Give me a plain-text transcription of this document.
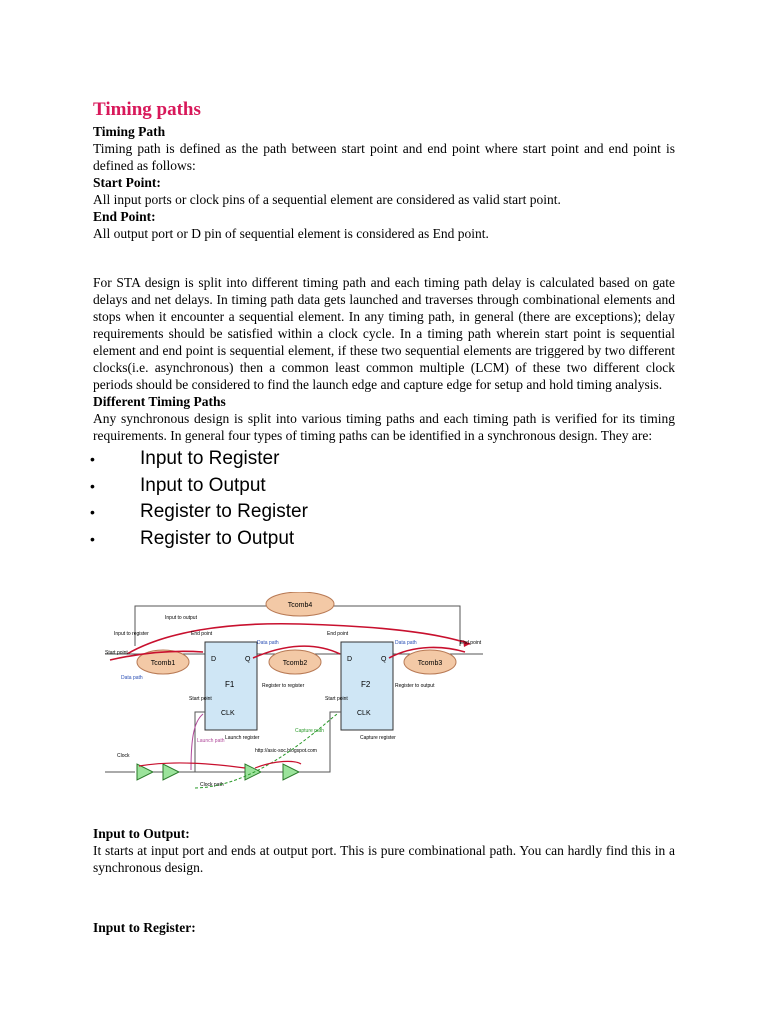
Timing paths
Timing Path
Timing path is defined as the path between start point and end point where start point and end point is defined as follows:
Start Point:
All input ports or clock pins of a sequential element are considered as valid start point.
End Point:
All output port or D pin of sequential element is considered as End point.
For STA design is split into different timing path and each timing path delay is calculated based on gate delays and net delays. In timing path data gets launched and traverses through combinational elements and stops when it encounter a sequential element. In any timing path, in general (there are exceptions); delay requirements should be satisfied within a clock cycle. In a timing path wherein start point is sequential element and end point is sequential element, if these two sequential elements are triggered by two different clocks(i.e. asynchronous) then a common least common multiple (LCM) of these two different clock periods should be considered to find the launch edge and capture edge for setup and hold timing analysis.
Different Timing Paths
Any synchronous design is split into various timing paths and each timing path is verified for its timing requirements. In general four types of timing paths can be identified in a synchronous design. They are:
• Input to Register
• Input to Output
• Register to Register
• Register to Output
Tcomb4
Input to output
Input to register
Start point
Data path
Tcomb1
D	Q
F1
CLK
End point
Tcomb2
Data path
Register to register
D	Q
F2
CLK
End point
Tcomb3
Data path
Register to output
End point
Start point	Start point
Launch register	Capture register
Launch path
Capture path
http://asic-soc.blogspot.com
Clock
Clock path
Input to Output:
It starts at input port and ends at output port. This is pure combinational path. You can hardly find this in a synchronous design.
Input to Register:
